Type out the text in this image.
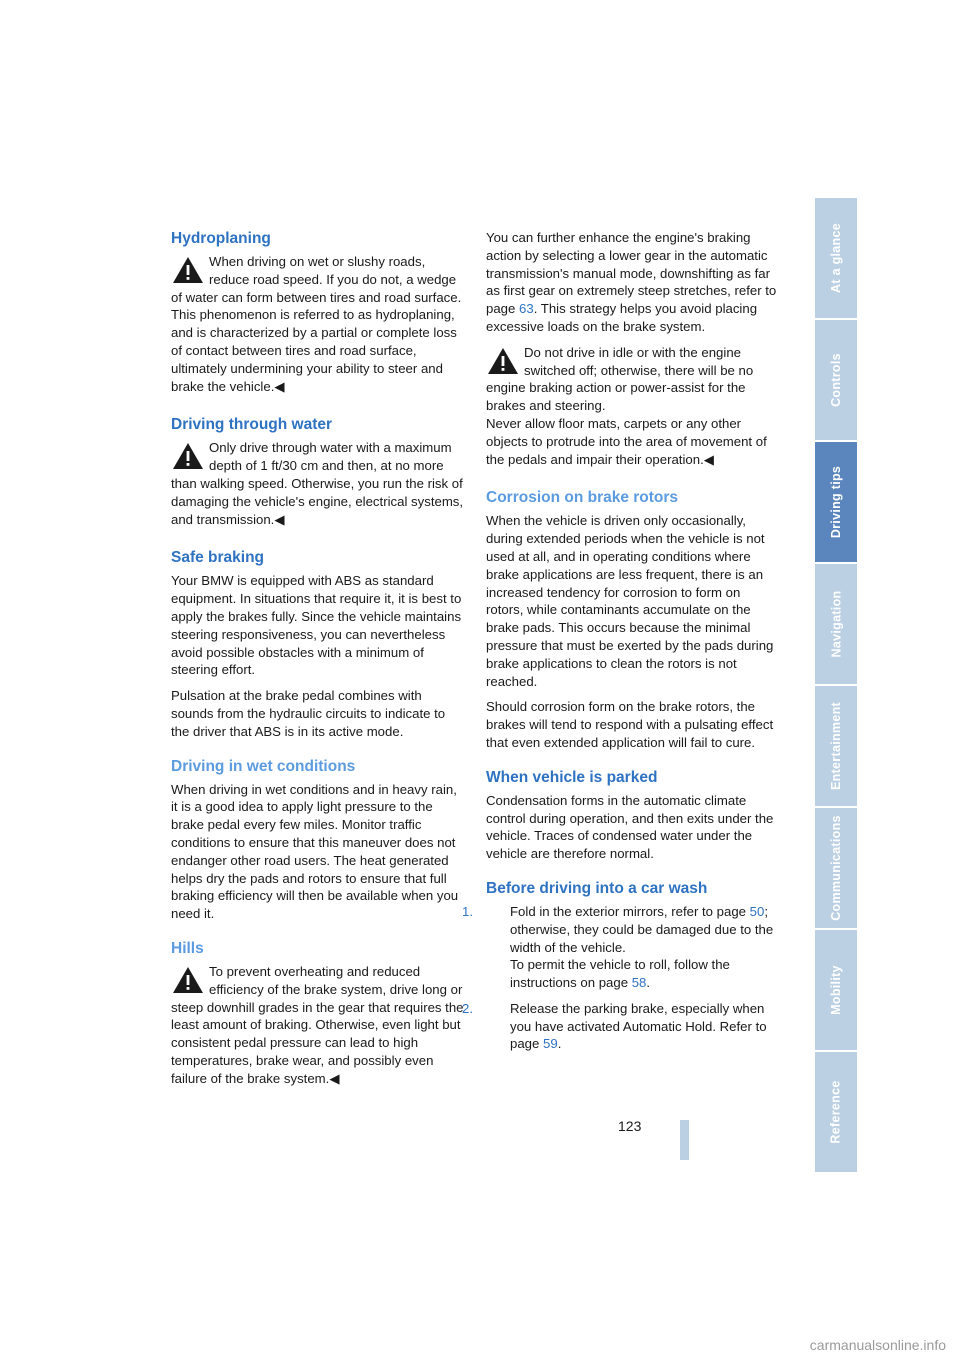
Hydroplaning

When driving on wet or slushy roads, reduce road speed. If you do not, a wedge of water can form between tires and road surface. This phenomenon is referred to as hydroplaning, and is characterized by a partial or complete loss of contact between tires and road surface, ultimately undermining your ability to steer and brake the vehicle.◀

Driving through water

Only drive through water with a maximum depth of 1 ft/30 cm and then, at no more than walking speed. Otherwise, you run the risk of damaging the vehicle's engine, electrical systems, and transmission.◀

Safe braking

Your BMW is equipped with ABS as standard equipment. In situations that require it, it is best to apply the brakes fully. Since the vehicle maintains steering responsiveness, you can nevertheless avoid possible obstacles with a minimum of steering effort.

Pulsation at the brake pedal combines with sounds from the hydraulic circuits to indicate to the driver that ABS is in its active mode.

Driving in wet conditions

When driving in wet conditions and in heavy rain, it is a good idea to apply light pressure to the brake pedal every few miles. Monitor traffic conditions to ensure that this maneuver does not endanger other road users. The heat generated helps dry the pads and rotors to ensure that full braking efficiency will then be available when you need it.

Hills

To prevent overheating and reduced efficiency of the brake system, drive long or steep downhill grades in the gear that requires the least amount of braking. Otherwise, even light but consistent pedal pressure can lead to high temperatures, brake wear, and possibly even failure of the brake system.◀

You can further enhance the engine's braking action by selecting a lower gear in the automatic transmission's manual mode, downshifting as far as first gear on extremely steep stretches, refer to page 63. This strategy helps you avoid placing excessive loads on the brake system.

Do not drive in idle or with the engine switched off; otherwise, there will be no engine braking action or power-assist for the brakes and steering.

Never allow floor mats, carpets or any other objects to protrude into the area of movement of the pedals and impair their operation.◀

Corrosion on brake rotors

When the vehicle is driven only occasionally, during extended periods when the vehicle is not used at all, and in operating conditions where brake applications are less frequent, there is an increased tendency for corrosion to form on rotors, while contaminants accumulate on the brake pads. This occurs because the minimal pressure that must be exerted by the pads during brake applications to clean the rotors is not reached.

Should corrosion form on the brake rotors, the brakes will tend to respond with a pulsating effect that even extended application will fail to cure.

When vehicle is parked

Condensation forms in the automatic climate control during operation, and then exits under the vehicle. Traces of condensed water under the vehicle are therefore normal.

Before driving into a car wash
1.	Fold in the exterior mirrors, refer to page 50; otherwise, they could be damaged due to the width of the vehicle.
To permit the vehicle to roll, follow the instructions on page 58.
2.	Release the parking brake, especially when you have activated Automatic Hold. Refer to page 59.
At a glance
Controls
Driving tips
Navigation
Entertainment
Communications
Mobility
Reference
123
carmanualsonline.info
